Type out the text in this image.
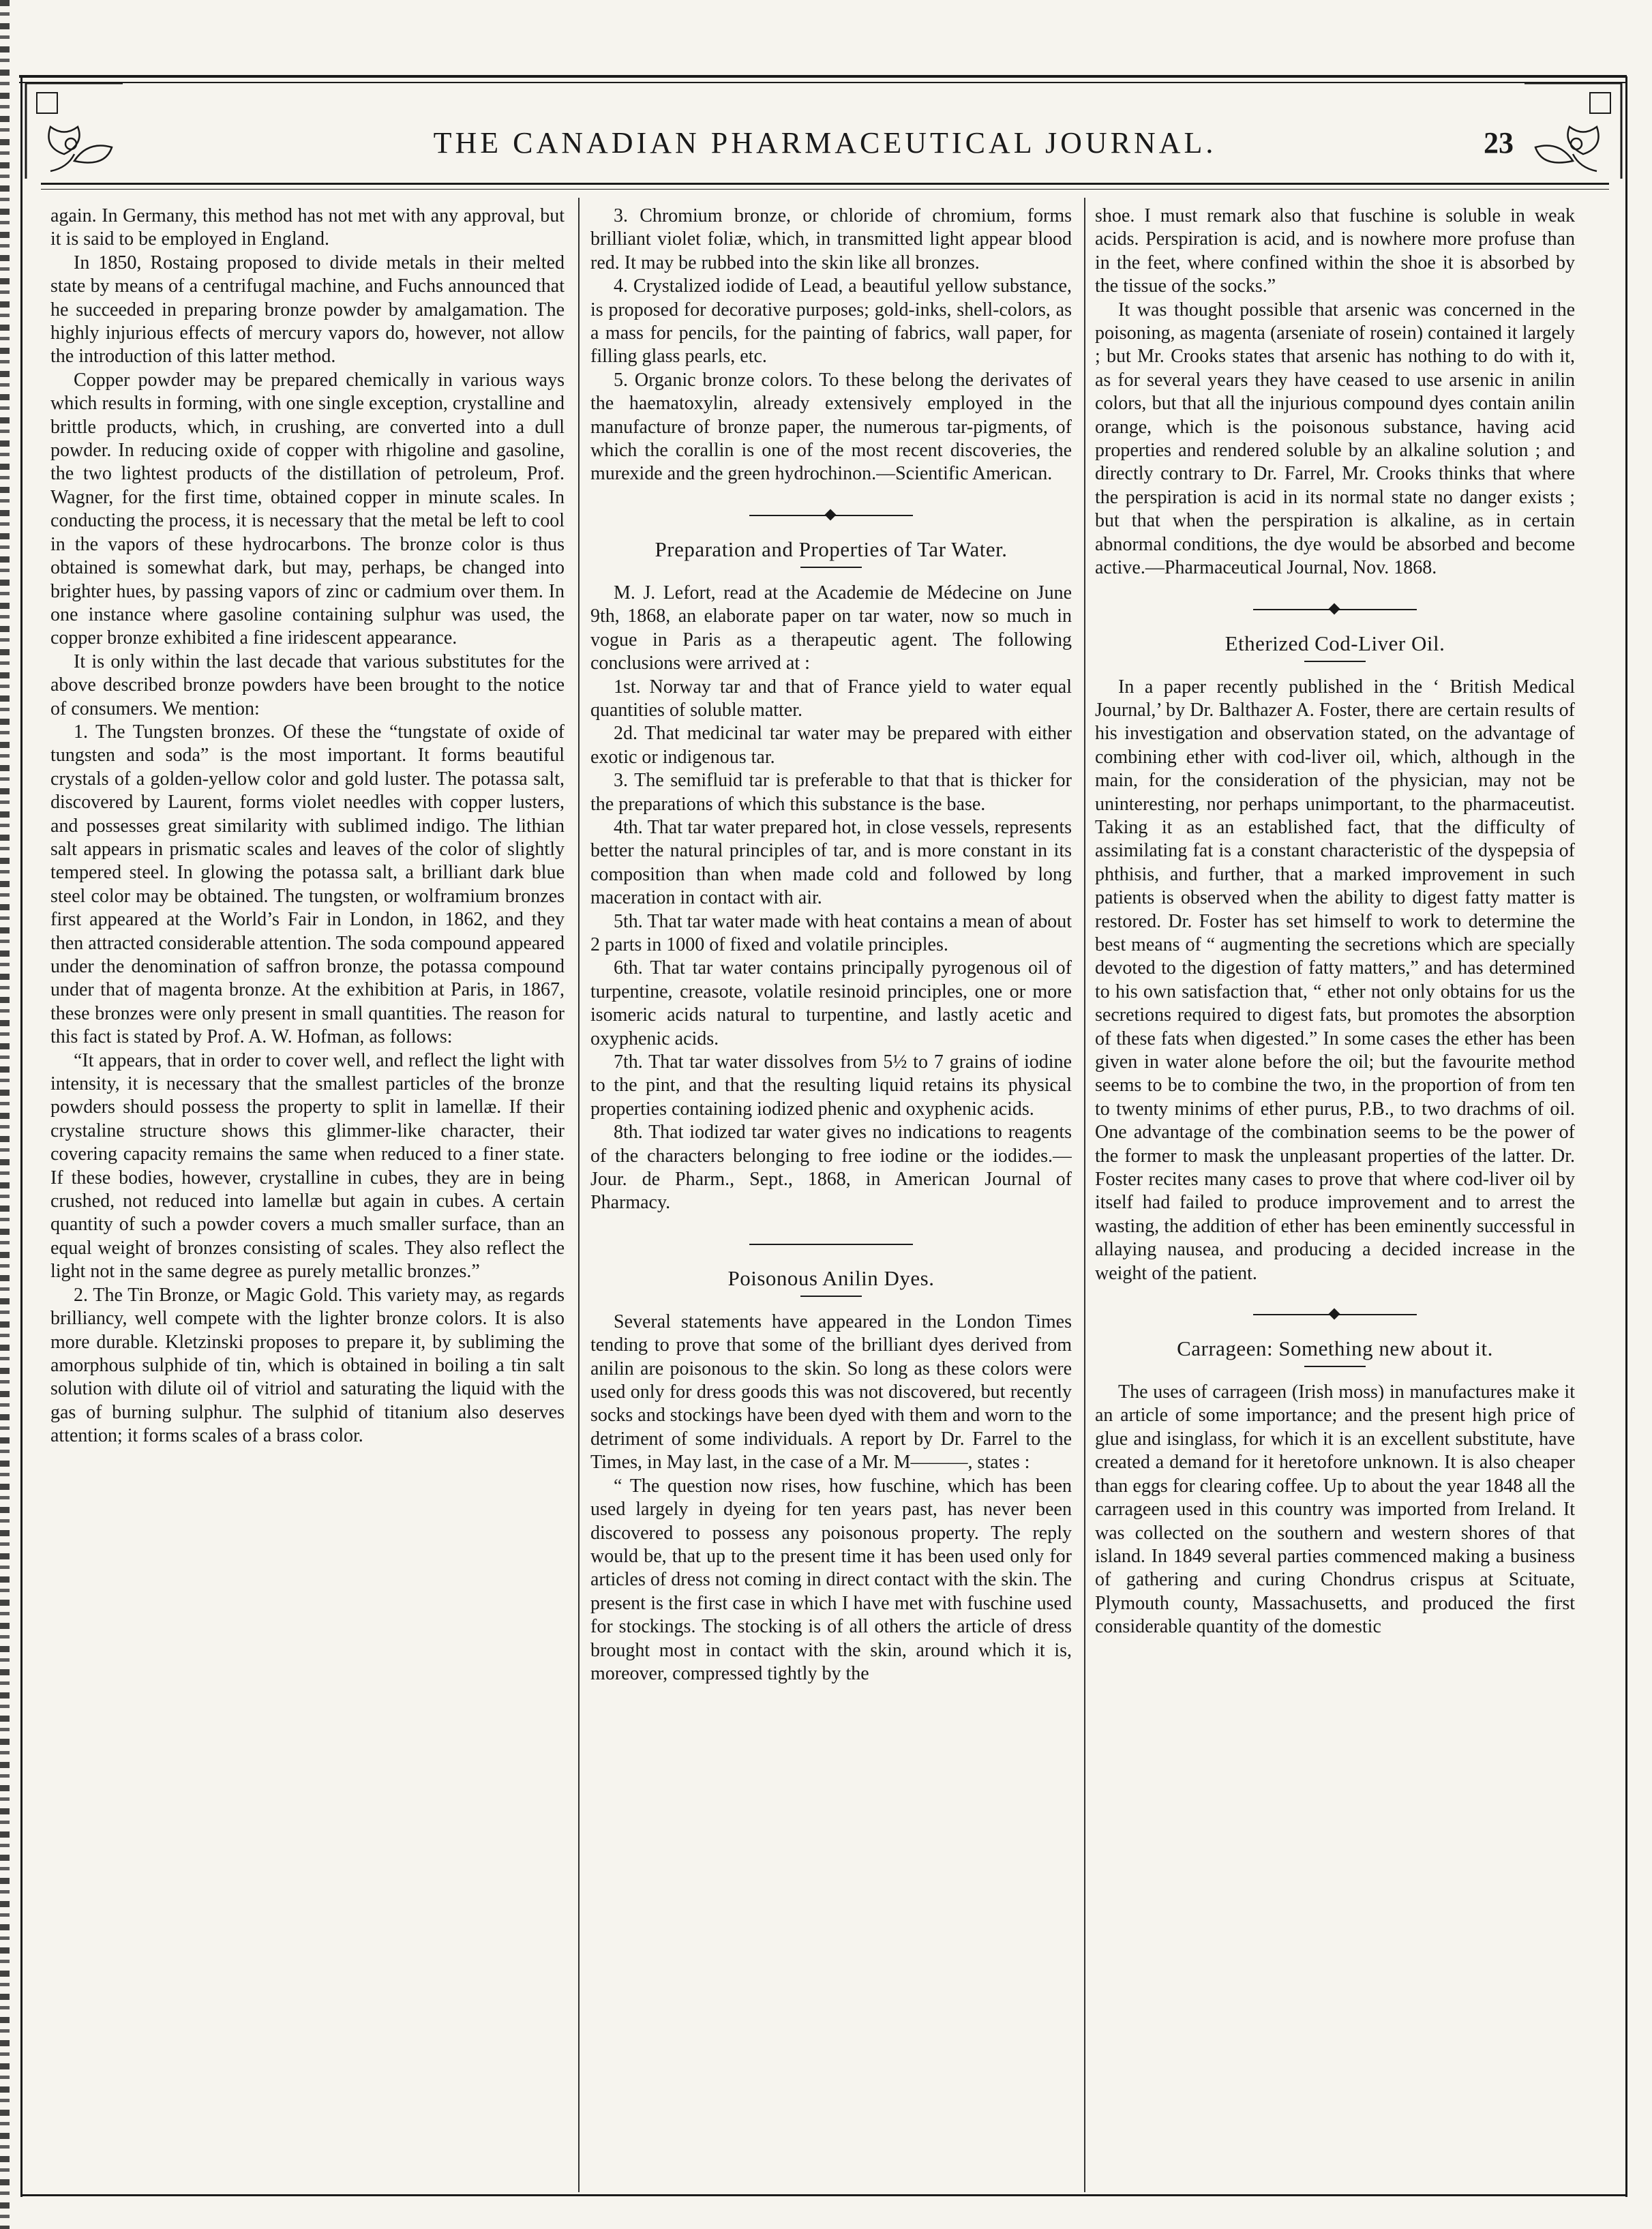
THE CANADIAN PHARMACEUTICAL JOURNAL.	23

again. In Germany, this method has not met with any approval, but it is said to be employed in England.

In 1850, Rostaing proposed to divide metals in their melted state by means of a centrifugal machine, and Fuchs announced that he succeeded in preparing bronze powder by amalgamation. The highly injurious effects of mercury vapors do, however, not allow the introduction of this latter method.

Copper powder may be prepared chemically in various ways which results in forming, with one single exception, crystalline and brittle products, which, in crushing, are converted into a dull powder. In reducing oxide of copper with rhigoline and gasoline, the two lightest products of the distillation of petroleum, Prof. Wagner, for the first time, obtained copper in minute scales. In conducting the process, it is necessary that the metal be left to cool in the vapors of these hydrocarbons. The bronze color is thus obtained is somewhat dark, but may, perhaps, be changed into brighter hues, by passing vapors of zinc or cadmium over them. In one instance where gasoline containing sulphur was used, the copper bronze exhibited a fine iridescent appearance.

It is only within the last decade that various substitutes for the above described bronze powders have been brought to the notice of consumers. We mention:

1. The Tungsten bronzes. Of these the “tungstate of oxide of tungsten and soda” is the most important. It forms beautiful crystals of a golden-yellow color and gold luster. The potassa salt, discovered by Laurent, forms violet needles with copper lusters, and possesses great similarity with sublimed indigo. The lithian salt appears in prismatic scales and leaves of the color of slightly tempered steel. In glowing the potassa salt, a brilliant dark blue steel color may be obtained. The tungsten, or wolframium bronzes first appeared at the World’s Fair in London, in 1862, and they then attracted considerable attention. The soda compound appeared under the denomination of saffron bronze, the potassa compound under that of magenta bronze. At the exhibition at Paris, in 1867, these bronzes were only present in small quantities. The reason for this fact is stated by Prof. A. W. Hofman, as follows:

“It appears, that in order to cover well, and reflect the light with intensity, it is necessary that the smallest particles of the bronze powders should possess the property to split in lamellæ. If their crystaline structure shows this glimmer-like character, their covering capacity remains the same when reduced to a finer state. If these bodies, however, crystalline in cubes, they are in being crushed, not reduced into lamellæ but again in cubes. A certain quantity of such a powder covers a much smaller surface, than an equal weight of bronzes consisting of scales. They also reflect the light not in the same degree as purely metallic bronzes.”

2. The Tin Bronze, or Magic Gold. This variety may, as regards brilliancy, well compete with the lighter bronze colors. It is also more durable. Kletzinski proposes to prepare it, by subliming the amorphous sulphide of tin, which is obtained in boiling a tin salt solution with dilute oil of vitriol and saturating the liquid with the gas of burning sulphur. The sulphid of titanium also deserves attention; it forms scales of a brass color.

3. Chromium bronze, or chloride of chromium, forms brilliant violet foliæ, which, in transmitted light appear blood red. It may be rubbed into the skin like all bronzes.

4. Crystalized iodide of Lead, a beautiful yellow substance, is proposed for decorative purposes; gold-inks, shell-colors, as a mass for pencils, for the painting of fabrics, wall paper, for filling glass pearls, etc.

5. Organic bronze colors. To these belong the derivates of the haematoxylin, already extensively employed in the manufacture of bronze paper, the numerous tar-pigments, of which the corallin is one of the most recent discoveries, the murexide and the green hydrochinon.—Scientific American.

Preparation and Properties of Tar Water.

M. J. Lefort, read at the Academie de Médecine on June 9th, 1868, an elaborate paper on tar water, now so much in vogue in Paris as a therapeutic agent. The following conclusions were arrived at :

1st. Norway tar and that of France yield to water equal quantities of soluble matter.

2d. That medicinal tar water may be prepared with either exotic or indigenous tar.

3. The semifluid tar is preferable to that that is thicker for the preparations of which this substance is the base.

4th. That tar water prepared hot, in close vessels, represents better the natural principles of tar, and is more constant in its composition than when made cold and followed by long maceration in contact with air.

5th. That tar water made with heat contains a mean of about 2 parts in 1000 of fixed and volatile principles.

6th. That tar water contains principally pyrogenous oil of turpentine, creasote, volatile resinoid principles, one or more isomeric acids natural to turpentine, and lastly acetic and oxyphenic acids.

7th. That tar water dissolves from 5½ to 7 grains of iodine to the pint, and that the resulting liquid retains its physical properties containing iodized phenic and oxyphenic acids.

8th. That iodized tar water gives no indications to reagents of the characters belonging to free iodine or the iodides.—Jour. de Pharm., Sept., 1868, in American Journal of Pharmacy.

Poisonous Anilin Dyes.

Several statements have appeared in the London Times tending to prove that some of the brilliant dyes derived from anilin are poisonous to the skin. So long as these colors were used only for dress goods this was not discovered, but recently socks and stockings have been dyed with them and worn to the detriment of some individuals. A report by Dr. Farrel to the Times, in May last, in the case of a Mr. M———, states :

“ The question now rises, how fuschine, which has been used largely in dyeing for ten years past, has never been discovered to possess any poisonous property. The reply would be, that up to the present time it has been used only for articles of dress not coming in direct contact with the skin. The present is the first case in which I have met with fuschine used for stockings. The stocking is of all others the article of dress brought most in contact with the skin, around which it is, moreover, compressed tightly by the

shoe. I must remark also that fuschine is soluble in weak acids. Perspiration is acid, and is nowhere more profuse than in the feet, where confined within the shoe it is absorbed by the tissue of the socks.”

It was thought possible that arsenic was concerned in the poisoning, as magenta (arseniate of rosein) contained it largely ; but Mr. Crooks states that arsenic has nothing to do with it, as for several years they have ceased to use arsenic in anilin colors, but that all the injurious compound dyes contain anilin orange, which is the poisonous substance, having acid properties and rendered soluble by an alkaline solution ; and directly contrary to Dr. Farrel, Mr. Crooks thinks that where the perspiration is acid in its normal state no danger exists ; but that when the perspiration is alkaline, as in certain abnormal conditions, the dye would be absorbed and become active.—Pharmaceutical Journal, Nov. 1868.

Etherized Cod-Liver Oil.

In a paper recently published in the ‘ British Medical Journal,’ by Dr. Balthazer A. Foster, there are certain results of his investigation and observation stated, on the advantage of combining ether with cod-liver oil, which, although in the main, for the consideration of the physician, may not be uninteresting, nor perhaps unimportant, to the pharmaceutist. Taking it as an established fact, that the difficulty of assimilating fat is a constant characteristic of the dyspepsia of phthisis, and further, that a marked improvement in such patients is observed when the ability to digest fatty matter is restored. Dr. Foster has set himself to work to determine the best means of “ augmenting the secretions which are specially devoted to the digestion of fatty matters,” and has determined to his own satisfaction that, “ ether not only obtains for us the secretions required to digest fats, but promotes the absorption of these fats when digested.” In some cases the ether has been given in water alone before the oil; but the favourite method seems to be to combine the two, in the proportion of from ten to twenty minims of ether purus, P.B., to two drachms of oil. One advantage of the combination seems to be the power of the former to mask the unpleasant properties of the latter. Dr. Foster recites many cases to prove that where cod-liver oil by itself had failed to produce improvement and to arrest the wasting, the addition of ether has been eminently successful in allaying nausea, and producing a decided increase in the weight of the patient.

Carrageen: Something new about it.

The uses of carrageen (Irish moss) in manufactures make it an article of some importance; and the present high price of glue and isinglass, for which it is an excellent substitute, have created a demand for it heretofore unknown. It is also cheaper than eggs for clearing coffee. Up to about the year 1848 all the carrageen used in this country was imported from Ireland. It was collected on the southern and western shores of that island. In 1849 several parties commenced making a business of gathering and curing Chondrus crispus at Scituate, Plymouth county, Massachusetts, and produced the first considerable quantity of the domestic
